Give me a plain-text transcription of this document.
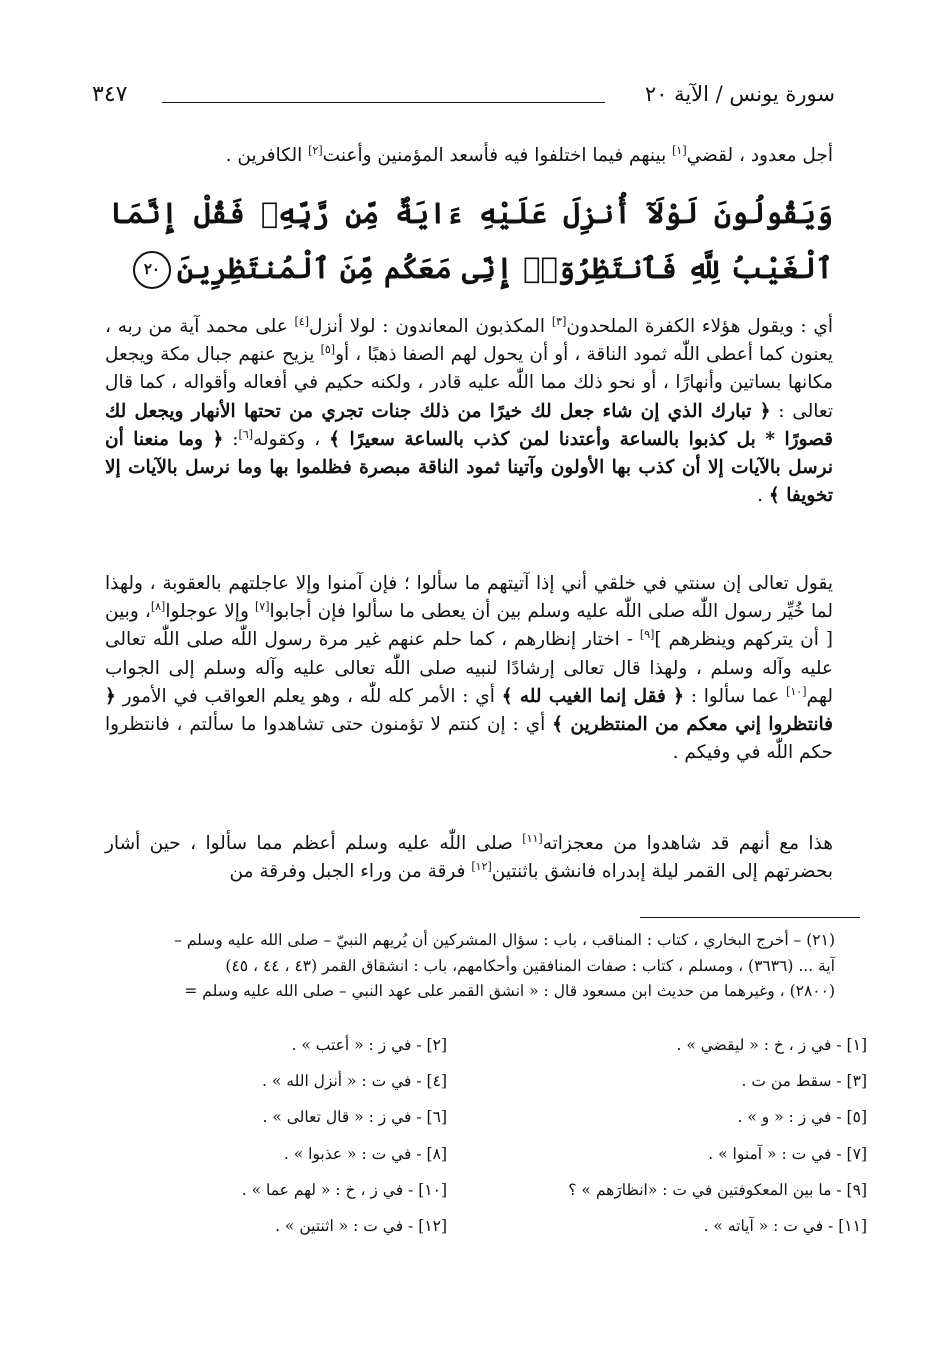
سورة يونس / الآية ٢٠
٣٤٧

أجل معدود ، لقضي[١] بينهم فيما اختلفوا فيه فأسعد المؤمنين وأعنت[٢] الكافرين .

وَيَقُولُونَ لَوْلَآ أُنزِلَ عَلَيْهِ ءَايَةٌ مِّن رَّبِّهِۦ فَقُلْ إِنَّمَا ٱلْغَيْبُ لِلَّهِ فَٱنتَظِرُوٓا۟ إِنِّى مَعَكُم مِّنَ ٱلْمُنتَظِرِينَ٢٠

أي : ويقول هؤلاء الكفرة الملحدون[٣] المكذبون المعاندون : لولا أنزل[٤] على محمد آية من ربه ، يعنون كما أعطى اللّٰه ثمود الناقة ، أو أن يحول لهم الصفا ذهبًا ، أو[٥] يزيح عنهم جبال مكة ويجعل مكانها بساتين وأنهارًا ، أو نحو ذلك مما اللّٰه عليه قادر ، ولكنه حكيم في أفعاله وأقواله ، كما قال تعالى : ﴿ تبارك الذي إن شاء جعل لك خيرًا من ذلك جنات تجري من تحتها الأنهار ويجعل لك قصورًا * بل كذبوا بالساعة وأعتدنا لمن كذب بالساعة سعيرًا ﴾ ، وكقوله[٦]: ﴿ وما منعنا أن نرسل بالآيات إلا أن كذب بها الأولون وآتينا ثمود الناقة مبصرة فظلموا بها وما نرسل بالآيات إلا تخويفا ﴾ .

يقول تعالى إن سنتي في خلقي أني إذا آتيتهم ما سألوا ؛ فإن آمنوا وإلا عاجلتهم بالعقوبة ، ولهذا لما خُيِّر رسول اللّٰه صلى اللّٰه عليه وسلم بين أن يعطى ما سألوا فإن أجابوا[٧] وإلا عوجلوا[٨]، وبين [ أن يتركهم وينظرهم ][٩] - اختار إنظارهم ، كما حلم عنهم غير مرة رسول اللّٰه صلى اللّٰه تعالى عليه وآله وسلم ، ولهذا قال تعالى إرشادًا لنبيه صلى اللّٰه تعالى عليه وآله وسلم إلى الجواب لهم[١٠] عما سألوا : ﴿ فقل إنما الغيب لله ﴾ أي : الأمر كله للّٰه ، وهو يعلم العواقب في الأمور ﴿ فانتظروا إني معكم من المنتظرين ﴾ أي : إن كنتم لا تؤمنون حتى تشاهدوا ما سألتم ، فانتظروا حكم اللّٰه في وفيكم .

هذا مع أنهم قد شاهدوا من معجزاته[١١] صلى اللّٰه عليه وسلم أعظم مما سألوا ، حين أشار بحضرتهم إلى القمر ليلة إبدراه فانشق باثنتين[١٢] فرقة من وراء الجبل وفرقة من

(٢١) – أخرج البخاري ، كتاب : المناقب ، باب : سؤال المشركين أن يُريهم النبيّ – صلى الله عليه وسلم –

آية ... (٣٦٣٦) ، ومسلم ، كتاب : صفات المنافقين وأحكامهم، باب : انشقاق القمر (٤٣ ، ٤٤ ، ٤٥)

(٢٨٠٠) ، وغيرهما من حديث ابن مسعود قال : « انشق القمر على عهد النبي – صلى الله عليه وسلم =

[١] - في ز ، خ : « ليقضي » .
[٢] - في ز : « أعتب » .
[٣] - سقط من ت .
[٤] - في ت : « أنزل الله » .
[٥] - في ز : « و » .
[٦] - في ز : « قال تعالى » .
[٧] - في ت : « آمنوا » .
[٨] - في ت : « عذبوا » .
[٩] - ما بين المعكوفتين في ت : «انظارَهم » ؟
[١٠] - في ز ، خ : « لهم عما » .
[١١] - في ت : « آياته » .
[١٢] - في ت : « اثنتين » .
